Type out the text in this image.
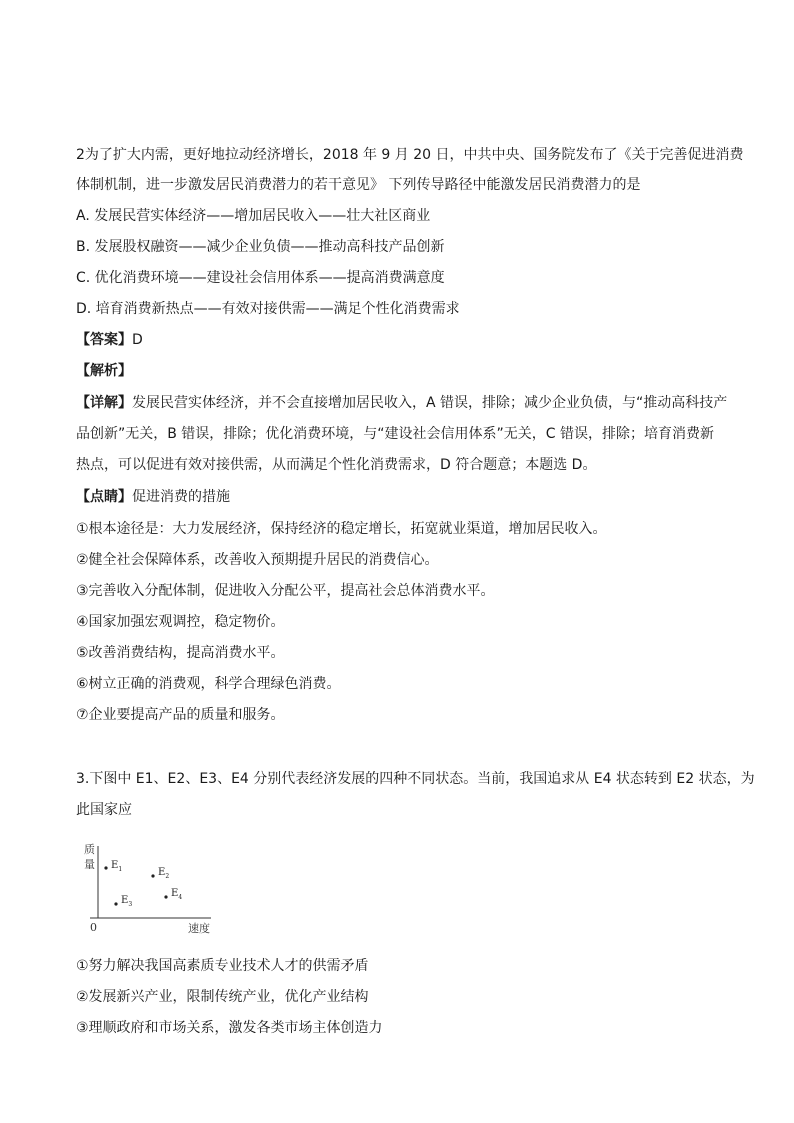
2为了扩大内需，更好地拉动经济增长，2018 年 9 月 20 日，中共中央、国务院发布了《关于完善促进消费
体制机制，进一步激发居民消费潜力的若干意见》 下列传导路径中能激发居民消费潜力的是
A. 发展民营实体经济——增加居民收入——壮大社区商业
B. 发展股权融资——减少企业负债——推动高科技产品创新
C. 优化消费环境——建设社会信用体系——提高消费满意度
D. 培育消费新热点——有效对接供需——满足个性化消费需求
【答案】D
【解析】
【详解】发展民营实体经济，并不会直接增加居民收入，A 错误，排除；减少企业负债，与“推动高科技产
品创新”无关，B 错误，排除；优化消费环境，与“建设社会信用体系”无关，C 错误，排除；培育消费新
热点，可以促进有效对接供需，从而满足个性化消费需求，D 符合题意；本题选 D。
【点睛】促进消费的措施
①根本途径是：大力发展经济，保持经济的稳定增长，拓宽就业渠道，增加居民收入。
②健全社会保障体系，改善收入预期提升居民的消费信心。
③完善收入分配体制，促进收入分配公平，提高社会总体消费水平。
④国家加强宏观调控，稳定物价。
⑤改善消费结构，提高消费水平。
⑥树立正确的消费观，科学合理绿色消费。
⑦企业要提高产品的质量和服务。
3.下图中 E1、E2、E3、E4 分别代表经济发展的四种不同状态。当前，我国追求从 E4 状态转到 E2 状态，为
此国家应
质
量
0	速度
$E_1$	$E_2$
$E_3$
$E_4$
①努力解决我国高素质专业技术人才的供需矛盾
②发展新兴产业，限制传统产业，优化产业结构
③理顺政府和市场关系，激发各类市场主体创造力
